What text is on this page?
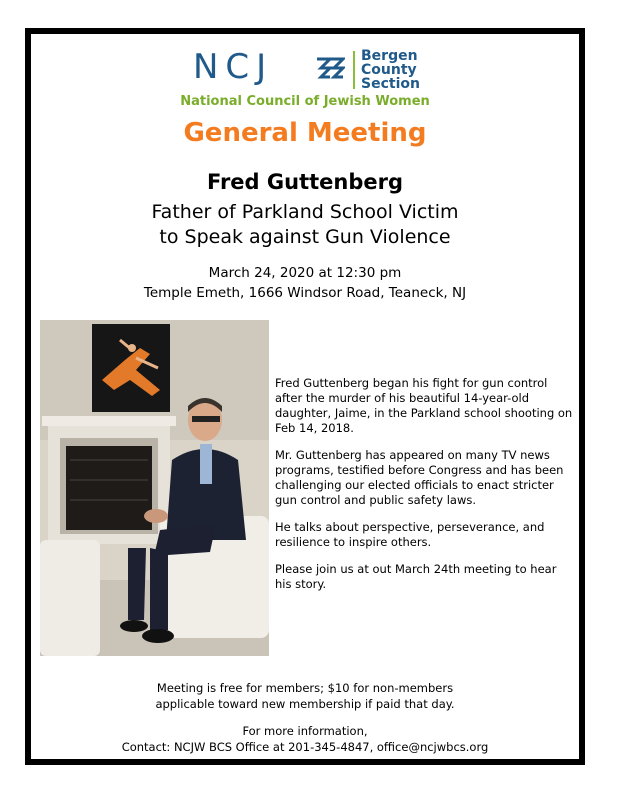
NCJ	Bergen
County
Section
National Council of Jewish Women
General Meeting
Fred Guttenberg
Father of Parkland School Victim
to Speak against Gun Violence
March 24, 2020 at 12:30 pm
Temple Emeth, 1666 Windsor Road, Teaneck, NJ

Fred Guttenberg began his fight for gun control after the murder of his beautiful 14-year-old daughter, Jaime, in the Parkland school shooting on Feb 14, 2018.

Mr. Guttenberg has appeared on many TV news programs, testified before Congress and has been challenging our elected officials to enact stricter gun control and public safety laws.

He talks about perspective, perseverance, and resilience to inspire others.

Please join us at out March 24th meeting to hear his story.

Meeting is free for members; $10 for non-members
applicable toward new membership if paid that day.
For more information,
Contact: NCJW BCS Office at 201-345-4847, office@ncjwbcs.org
